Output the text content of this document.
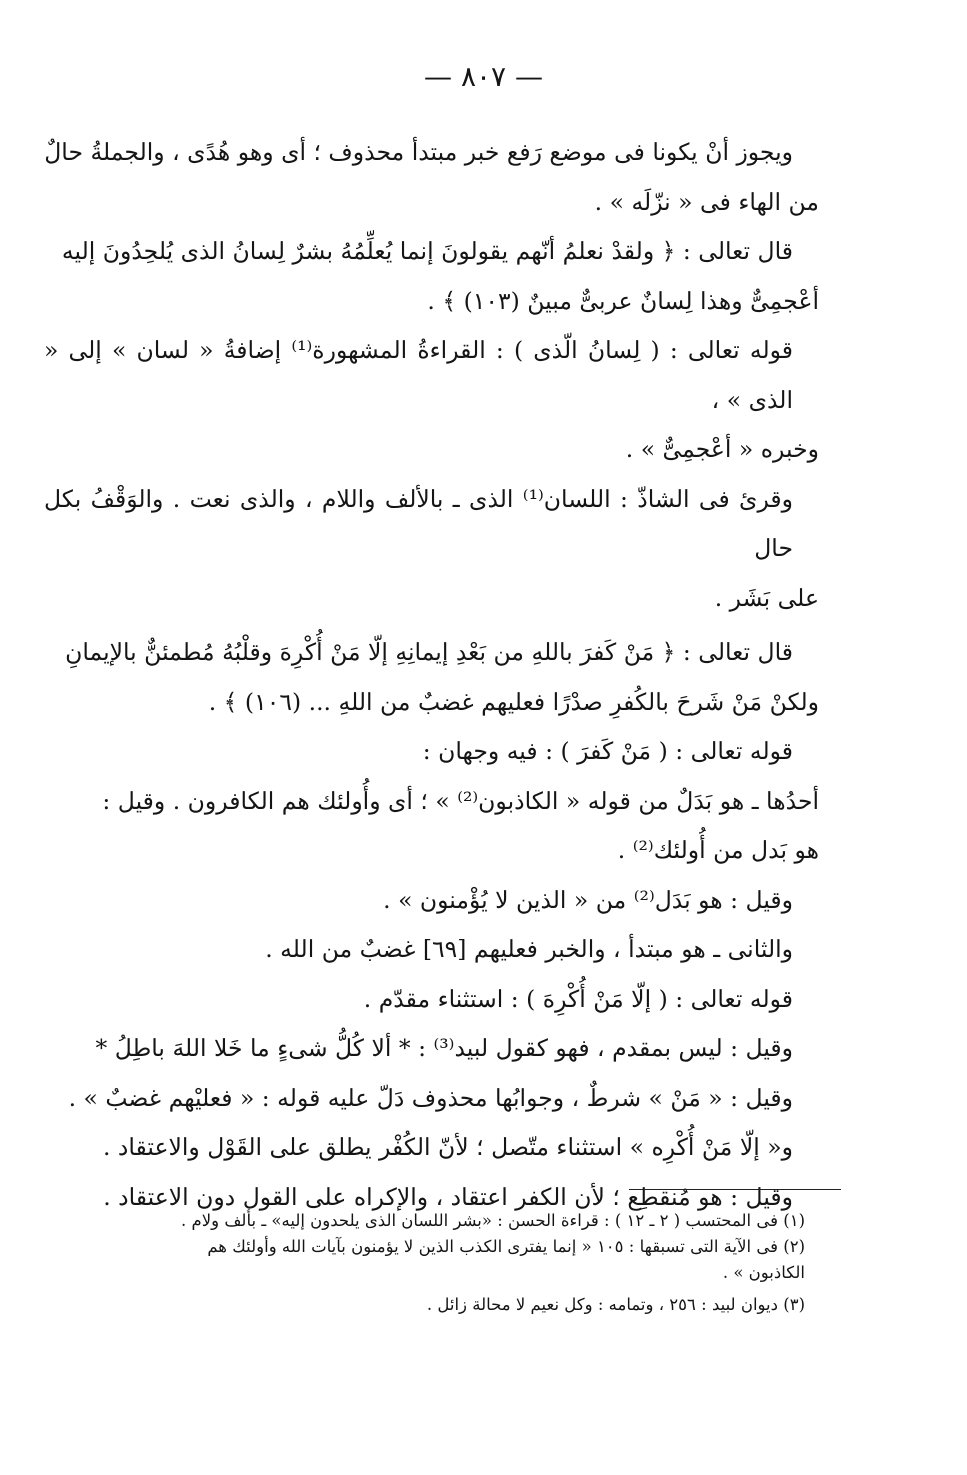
— ٨٠٧ —

ويجوز أنْ يكونا فى موضع رَفع خبر مبتدأ محذوف ؛ أى وهو هُدًى ، والجملةُ حالٌ

من الهاء فى « نزّلَه » .

قال تعالى : ﴿ ولقدْ نعلمُ أنّهم يقولونَ إنما يُعلِّمُهُ بشرٌ لِسانُ الذى يُلحِدُونَ إليه

أعْجمِىٌّ وهذا لِسانٌ عربىٌّ مبينٌ (١٠٣) ﴾ .

قوله تعالى : ( لِسانُ الّذى ) : القراءةُ المشهورة⁽¹⁾ إضافةُ « لسان » إلى « الذى » ،

وخبره « أعْجمِىٌّ » .

وقرئ فى الشاذّ : اللسان⁽¹⁾ الذى ـ بالألف واللام ، والذى نعت . والوَقْفُ بكل حال

على بَشَر .

قال تعالى : ﴿ مَنْ كَفرَ باللهِ من بَعْدِ إيمانِهِ إلّا مَنْ أُكْرِهَ وقلْبُهُ مُطمئنٌّ بالإيمانِ

ولكنْ مَنْ شَرحَ بالكُفرِ صدْرًا فعليهم غضبٌ من اللهِ ... (١٠٦) ﴾ .

قوله تعالى : ( مَنْ كَفرَ ) : فيه وجهان :

أحدُها ـ هو بَدَلٌ من قوله « الكاذبون⁽²⁾ » ؛ أى وأُولئك هم الكافرون . وقيل :

هو بَدل من أُولئك⁽²⁾ .

وقيل : هو بَدَل⁽²⁾ من « الذين لا يُؤْمنون » .

والثانى ـ هو مبتدأ ، والخبر فعليهم [٦٩] غضبٌ من الله .

قوله تعالى : ( إلّا مَنْ أُكْرِهَ ) : استثناء مقدّم .

وقيل : ليس بمقدم ، فهو كقول لبيد⁽³⁾ : * ألا كُلُّ شىءٍ ما خَلا اللهَ باطِلُ *

وقيل : « مَنْ » شرطٌ ، وجوابُها محذوف دَلّ عليه قوله : « فعليْهم غضبٌ » .

و« إلّا مَنْ أُكْرِه » استثناء متّصل ؛ لأنّ الكُفْر يطلق على القَوْل والاعتقاد .

وقيل : هو مُنقطِع ؛ لأن الكفر اعتقاد ، والإكراه على القول دون الاعتقاد .

(١) فى المحتسب ( ٢ ـ ١٢ ) : قراءة الحسن : «بشر اللسان الذى يلحدون إليه» ـ بألف ولام .

(٢) فى الآية التى تسبقها : ١٠٥ « إنما يفترى الكذب الذين لا يؤمنون بآيات الله وأولئك هم

الكاذبون » .

(٣) ديوان لبيد : ٢٥٦ ، وتمامه : وكل نعيم لا محالة زائل .
